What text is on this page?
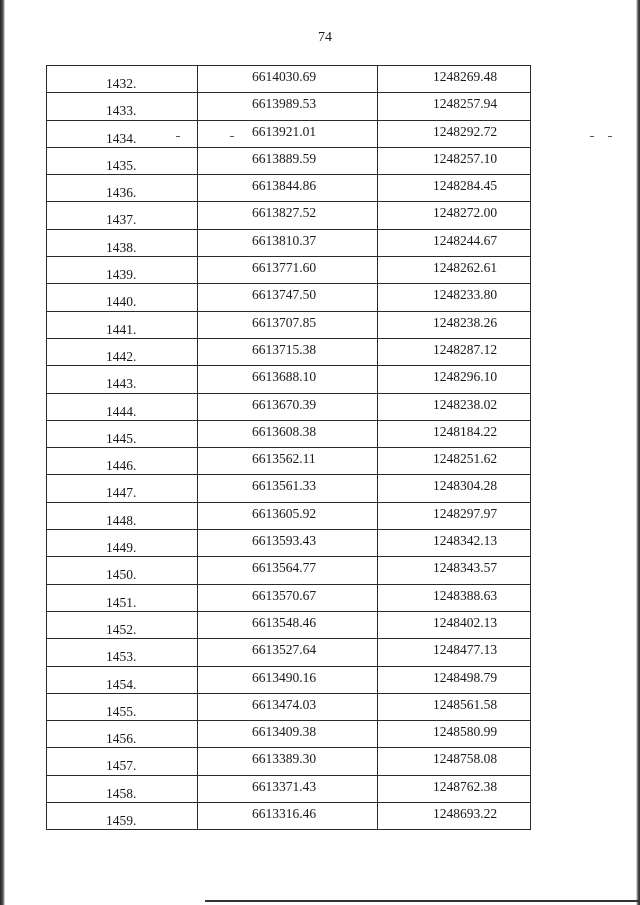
74
1432.	6614030.69	1248269.48

1433.	6613989.53	1248257.94

1434.	6613921.01	1248292.72

1435.	6613889.59	1248257.10

1436.	6613844.86	1248284.45

1437.	6613827.52	1248272.00

1438.	6613810.37	1248244.67

1439.	6613771.60	1248262.61

1440.	6613747.50	1248233.80

1441.	6613707.85	1248238.26

1442.	6613715.38	1248287.12

1443.	6613688.10	1248296.10

1444.	6613670.39	1248238.02

1445.	6613608.38	1248184.22

1446.	6613562.11	1248251.62

1447.	6613561.33	1248304.28

1448.	6613605.92	1248297.97

1449.	6613593.43	1248342.13

1450.	6613564.77	1248343.57

1451.	6613570.67	1248388.63

1452.	6613548.46	1248402.13

1453.	6613527.64	1248477.13

1454.	6613490.16	1248498.79

1455.	6613474.03	1248561.58

1456.	6613409.38	1248580.99

1457.	6613389.30	1248758.08

1458.	6613371.43	1248762.38

1459.	6613316.46	1248693.22
